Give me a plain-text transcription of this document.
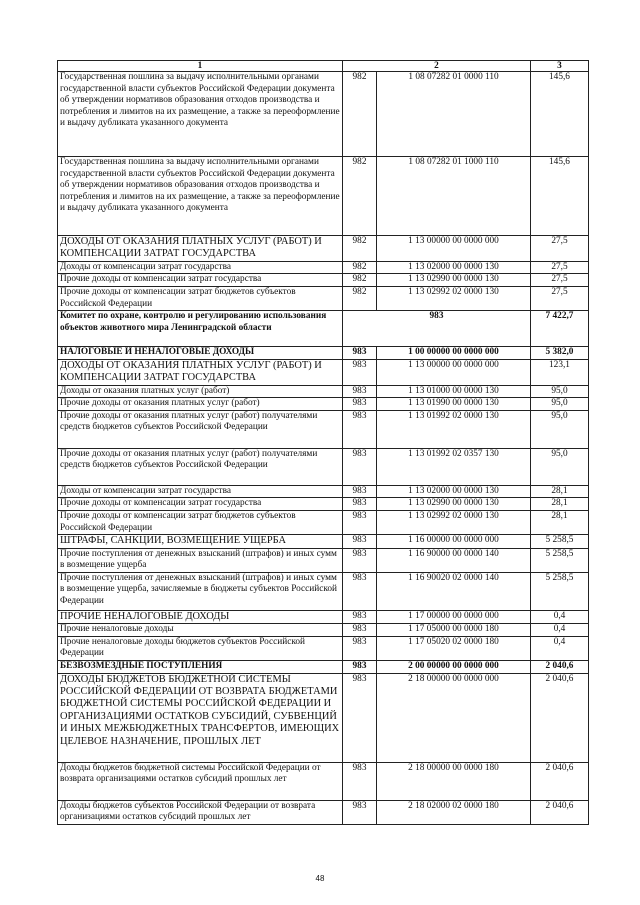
1	2		3
Государственная пошлина за выдачу исполнительными органами государственной власти субъектов Российской Федерации документа об утверждении нормативов образования отходов производства и потребления и лимитов на их размещение, а также за переоформление и выдачу дубликата указанного документа	982	1 08 07282 01 0000 110	145,6
Государственная пошлина за выдачу исполнительными органами государственной власти субъектов Российской Федерации документа об утверждении нормативов образования отходов производства и потребления и лимитов на их размещение, а также за переоформление и выдачу дубликата указанного документа	982	1 08 07282 01 1000 110	145,6
ДОХОДЫ ОТ ОКАЗАНИЯ ПЛАТНЫХ УСЛУГ (РАБОТ) И КОМПЕНСАЦИИ ЗАТРАТ ГОСУДАРСТВА	982	1 13 00000 00 0000 000	27,5
Доходы от компенсации затрат государства	982	1 13 02000 00 0000 130	27,5
Прочие доходы от компенсации затрат государства	982	1 13 02990 00 0000 130	27,5
Прочие доходы от компенсации затрат бюджетов субъектов Российской Федерации	982	1 13 02992 02 0000 130	27,5
Комитет по охране, контролю и регулированию использования объектов животного мира Ленинградской области	983		7 422,7
НАЛОГОВЫЕ И НЕНАЛОГОВЫЕ ДОХОДЫ	983	1 00 00000 00 0000 000	5 382,0
ДОХОДЫ ОТ ОКАЗАНИЯ ПЛАТНЫХ УСЛУГ (РАБОТ) И КОМПЕНСАЦИИ ЗАТРАТ ГОСУДАРСТВА	983	1 13 00000 00 0000 000	123,1
Доходы от оказания платных услуг (работ)	983	1 13 01000 00 0000 130	95,0
Прочие доходы от оказания платных услуг (работ)	983	1 13 01990 00 0000 130	95,0
Прочие доходы от оказания платных услуг (работ) получателями средств бюджетов субъектов Российской Федерации	983	1 13 01992 02 0000 130	95,0
Прочие доходы от оказания платных услуг (работ) получателями средств бюджетов субъектов Российской Федерации	983	1 13 01992 02 0357 130	95,0
Доходы от компенсации затрат государства	983	1 13 02000 00 0000 130	28,1
Прочие доходы от компенсации затрат государства	983	1 13 02990 00 0000 130	28,1
Прочие доходы от компенсации затрат бюджетов субъектов Российской Федерации	983	1 13 02992 02 0000 130	28,1
ШТРАФЫ, САНКЦИИ, ВОЗМЕЩЕНИЕ УЩЕРБА	983	1 16 00000 00 0000 000	5 258,5
Прочие поступления от денежных взысканий (штрафов) и иных сумм в возмещение ущерба	983	1 16 90000 00 0000 140	5 258,5
Прочие поступления от денежных взысканий (штрафов) и иных сумм в возмещение ущерба, зачисляемые в бюджеты субъектов Российской Федерации	983	1 16 90020 02 0000 140	5 258,5
ПРОЧИЕ НЕНАЛОГОВЫЕ ДОХОДЫ	983	1 17 00000 00 0000 000	0,4
Прочие неналоговые доходы	983	1 17 05000 00 0000 180	0,4
Прочие неналоговые доходы бюджетов субъектов Российской Федерации	983	1 17 05020 02 0000 180	0,4
БЕЗВОЗМЕЗДНЫЕ ПОСТУПЛЕНИЯ	983	2 00 00000 00 0000 000	2 040,6
ДОХОДЫ БЮДЖЕТОВ БЮДЖЕТНОЙ СИСТЕМЫ РОССИЙСКОЙ ФЕДЕРАЦИИ ОТ ВОЗВРАТА БЮДЖЕТАМИ БЮДЖЕТНОЙ СИСТЕМЫ РОССИЙСКОЙ ФЕДЕРАЦИИ И ОРГАНИЗАЦИЯМИ ОСТАТКОВ СУБСИДИЙ, СУБВЕНЦИЙ И ИНЫХ МЕЖБЮДЖЕТНЫХ ТРАНСФЕРТОВ, ИМЕЮЩИХ ЦЕЛЕВОЕ НАЗНАЧЕНИЕ, ПРОШЛЫХ ЛЕТ	983	2 18 00000 00 0000 000	2 040,6
Доходы бюджетов бюджетной системы Российской Федерации от возврата организациями остатков субсидий прошлых лет	983	2 18 00000 00 0000 180	2 040,6
Доходы бюджетов субъектов Российской Федерации от возврата организациями остатков субсидий прошлых лет	983	2 18 02000 02 0000 180	2 040,6
48
